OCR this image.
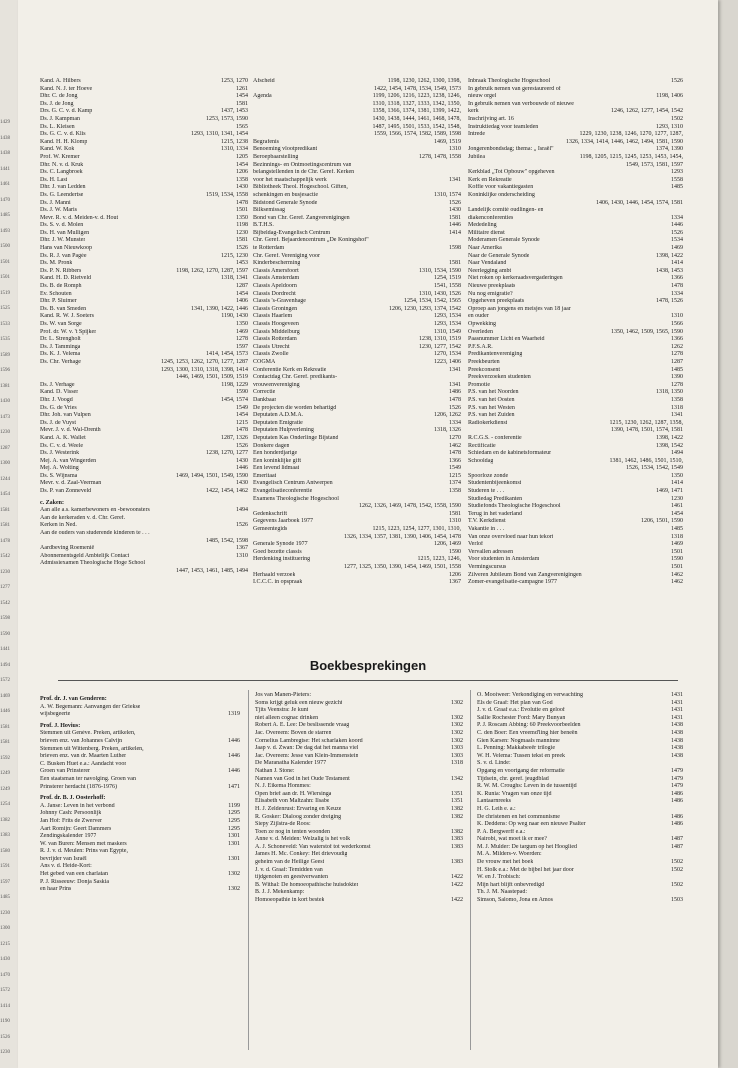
1429
1438
1438
1441
1461
1470
1485
1493
1500
1501
1501
1519
1525
1533
1535
1589
1596
1381
1430
1473
1230
1287
1300
1244
1454
1581
1581
1478
1542
1230
1277
1542
1598
1590
1441
1494
1572
1469
1446
1581
1581
1592
1249
1249
1254
1382
1383
1580
1591
1597
1485
1230
1300
1215
1430
1470
1572
1414
1190
1526
1230
Kand. A. Hilbers	1253, 1270
Kand. N. J. ter Hoeve	1261
Dhr. C. de Jong	1454
Ds. J. de Jong	1581
Drs. G. C. v. d. Kamp	1437, 1453
Ds. J. Kampman	1253, 1573, 1590
Ds. L. Kleisen	1565
Ds. G. C. v. d. Klis	1293, 1310, 1341, 1454
Kand. H. H. Klomp	1215, 1238
Kand. W. Kok	1310, 1334
Prof. W. Kremer	1205
Dhr. N. v. d. Kruk	1454
Ds. C. Langbroek	1206
Ds. H. Last	1358
Dhr. J. van Ledden	1430
Ds. G. Leendertse	1519, 1534, 1558
Ds. J. Manni	1478
Ds. J. W. Maris	1501
Mevr. R. v. d. Meiden-v. d. Hout	1350
Ds. S. v. d. Molen	1198
Ds. H. van Mulligen	1230
Dhr. J. W. Munster	1581
Hans van Nieuwkoop	1526
Ds. R. J. van Pagée	1215, 1230
Ds. M. Pronk	1453
Ds. P. N. Ribbers	1198, 1262, 1270, 1287, 1597
Kand. H. D. Rietveld	1318, 1341
Ds. B. de Romph	1287
Ev. Schouten	1454
Dhr. P. Sluimer	1406
Ds. B. van Smeden	1341, 1390, 1422, 1446
Kand. R. W. J. Soeters	1190, 1430
Ds. W. van Sorge	1350
Prof. dr. W. v. 't Spijker	1469
Dr. L. Strengholt	1278
Ds. J. Tamminga	1597
Ds. K. J. Velema	1414, 1454, 1573
Ds. Chr. Verhage	1245, 1253, 1262, 1270, 1277, 1287
1293, 1300, 1310, 1318, 1398, 1414
1446, 1469, 1501, 1509, 1519
Ds. J. Verhage	1198, 1229
Kand. D. Visser	1590
Dhr. J. Voogd	1454, 1574
Ds. G. de Vries	1549
Dhr. Joh. van Vulpen	1454
Ds. J. de Vuyst	1215
Mevr. J. v. d. Wal-Drenth	1478
Kand. A. K. Wallet	1287, 1326
Ds. C. v. d. Weele	1526
Ds. J. Westerink	1238, 1270, 1277
Mej. A. van Wingerden	1430
Mej. A. Wolting	1446
Ds. S. Wijnsma	1469, 1494, 1501, 1549, 1590
Mevr. v. d. Zaal-Veerman	1430
Ds. P. van Zonneveld	1422, 1454, 1462
c. Zaken:
Aan alle a.s. kamerbewoners en -bewoonsters	1494
Aan de kerkeraden v. d. Chr. Geref.
Kerken in Ned.	1526
Aan de ouders van studerende kinderen te . . .
1485, 1542, 1598
Aardbeving Roemenië	1367
Abonnementsgeld Ambtelijk Contact	1310
Admissiexamen Theologische Hoge School
1447, 1453, 1461, 1485, 1494
Afscheid	1198, 1230, 1262, 1300, 1398,
1422, 1454, 1478, 1534, 1549, 1573
Agenda	1199, 1206, 1216, 1223, 1238, 1246,
1310, 1318, 1327, 1333, 1342, 1350,
1358, 1366, 1374, 1381, 1399, 1422,
1430, 1438, 1444, 1461, 1468, 1478,
1487, 1495, 1501, 1533, 1542, 1548,
1559, 1566, 1574, 1582, 1589, 1598
Begrafenis	1469, 1519
Benoeming vlootpredikant	1310
Beroepbaarstelling	1278, 1478, 1558
Bezinnings- en Ontmoetingscentrum van
belangstellenden in de Chr. Geref. Kerken
voor het maatschappelijk werk	1341
Bibliotheek Theol. Hogeschool. Giften,
schenkingen en busjesactie	1310, 1574
Bidstond Generale Synode	1526
Bilksemissag	1430
Bond van Chr. Geref. Zangverenigingen	1581
B.T.H.S.	1446
Bijbeldag-Evangelisch Centrum	1414
Chr. Geref. Bejaardencentrum „De Koningshof"
te Rotterdam	1598
Chr. Geref. Vereniging voor
Kinderbescherming	1581
Classis Amersfoort	1310, 1534, 1590
Classis Amsterdam	1254, 1519
Classis Apeldoorn	1541, 1558
Classis Dordrecht	1310, 1430, 1526
Classis 's-Gravenhage	1254, 1534, 1542, 1565
Classis Groningen	1206, 1230, 1293, 1374, 1542
Classis Haarlem	1293, 1534
Classis Hoogeveen	1293, 1534
Classis Middelburg	1310, 1549
Classis Rotterdam	1238, 1310, 1519
Classis Utrecht	1230, 1277, 1542
Classis Zwolle	1270, 1534
COGMA	1223, 1406
Conferentie Kerk en Rekreatie	1341
Contactdag Chr. Geref. predikants-
vrouwenvereniging	1341
Correctie	1486
Dankbaar	1478
De projecten die worden behartigd	1526
Deputaten A.D.M.A.	1206, 1262
Deputaten Emigratie	1334
Deputaten Hulpverlening	1318, 1326
Deputaten Kas Onderlinge Bijstand	1270
Donkere dagen	1462
Een honderdjarige	1478
Een koninklijke gift	1366
Een levend lidmaat	1549
Emeritaat	1215
Evangelisch Centrum Antwerpen	1374
Evangelisatieconferentie	1358
Examens Theologische Hogeschool
1262, 1326, 1469, 1478, 1542, 1558, 1590
Gedenkschrift	1581
Gegevens Jaarboek 1977	1310
Gemeentegids	1215, 1223, 1254, 1277, 1301, 1310,
1326, 1334, 1357, 1381, 1390, 1406, 1454, 1478
Generale Synode 1977	1206, 1469
Goed bezette classis	1590
Herdenking instituering	1215, 1223, 1246,
1277, 1325, 1350, 1390, 1454, 1469, 1501, 1558
Herhaald verzoek	1206
I.C.C.C. in opspraak	1367
Inbraak Theologische Hogeschool	1526
In gebruik nemen van gerestaureerd of
nieuw orgel	1198, 1406
In gebruik nemen van verbouwde of nieuwe
kerk	1246, 1262, 1277, 1454, 1542
Inschrijving art. 16	1502
Instruktiedag voor teamleden	1293, 1310
Intrede	1229, 1230, 1238, 1246, 1270, 1277, 1287,
1326, 1334, 1414, 1446, 1462, 1494, 1581, 1590
Jongerenbondsdag; thema: „ Israël"	1374, 1390
Jubilea	1198, 1205, 1215, 1245, 1253, 1453, 1454,
1549, 1573, 1581, 1597
Kerkblad „Tot Opbouw" opgeheven	1293
Kerk en Rekreatie	1558
Koffie voor vakantiegasten	1485
Koninklijke onderscheiding
1406, 1430, 1446, 1454, 1574, 1581
Landelijk comité oudlingen- en
diakenconferenties	1334
Mededeling	1446
Militaire dienst	1526
Moderamen Generale Synode	1534
Naar Amerika	1469
Naar de Generale Synode	1398, 1422
Naar Vendaland	1414
Neerlegging ambt	1438, 1453
Niet roken op kerkeraadsvergaderingen	1366
Nieuwe preekplaats	1478
Nu nog emigratie?	1334
Opgeheven preekplaats	1478, 1526
Oproep aan jongens en meisjes van 18 jaar
en ouder	1310
Opwekking	1566
Overleden	1350, 1462, 1509, 1565, 1590
Paasnummer Licht en Waarheid	1366
P.F.S.A.R.	1262
Predikantenvereniging	1278
Preekbeurten	1287
Preekconsent	1485
Preekverzoeken studenten	1390
Promotie	1278
P.S. van het Noorden	1318, 1350
P.S. van het Oosten	1358
P.S. van het Westen	1318
P.S. van het Zuiden	1341
Radiokerkdienst	1215, 1230, 1262, 1287, 1358,
1390, 1478, 1501, 1574, 1581
R.C.G.S. - conferentie	1398, 1422
Rectificatie	1398, 1542
Schiedam en de kabinetsformateur	1494
Schooldag	1381, 1462, 1486, 1501, 1510,
1526, 1534, 1542, 1549
Spoorloze zonde	1350
Studentenbijeenkomst	1414
Studeren te . . .	1469, 1471
Studiedag Predikanten	1230
Studiefonds Theologische Hogeschool	1461
Terug in het vaderland	1454
T.V. Kerkdienst	1206, 1501, 1590
Vakantie in . . .	1485
Van onze overvloed naar hun tekort	1318
Verlof	1469
Vervallen adressen	1501
Voor studenten in Amsterdam	1590
Vermingscursus	1501
Zilveren Jubileum Bond van Zangverenigingen	1462
Zomer-evangelisatie-campagne 1977	1462
Boekbesprekingen
Prof. dr. J. van Genderen:
A. W. Begemann: Aanvangen der Griekse
wijsbegeerte	1319
Prof. J. Hovius:
Stemmen uit Genève. Preken, artikelen,
brieven enz. van Johannes Calvijn	1446
Stemmen uit Wittenberg. Preken, artikelen,
brieven enz. van dr. Maarten Luther	1446
C. Busken Huet e.a.: Aandacht voor
Groen van Prinsterer	1446
Een staatsman ter navolging. Groen van
Prinsterer herdacht (1876-1976)	1471
Prof. dr. B. J. Oosterhoff:
A. Janse: Leven in het verbond	1199
Johnny Cash: Persoonlijk	1295
Jan Hof: Frits de Zwerver	1295
Aart Romijn: Geert Dammers	1295
Zendingskalender 1977	1301
W. van Buren: Mensen met maskers	1301
R. J. v. d. Meulen: Prins van Egypte,
bevrijder van Israël	1301
Ans v. d. Heide-Kort:
Het gebed van een charlatan	1302
P. J. Risseeuw: Donja Saskia
en haar Prins	1302
Jos van Manen-Pieters:
Soms krijgt geluk een nieuw gezicht	1302
Tjits Veenstra: Je kunt
niet alleen cognac drinken	1302
Robert A. E. Lee: De beslissende vraag	1302
Jac. Overeem: Boven de starren	1302
Cornelius Lambregtse: Het scharlaken koord	1302
Jaap v. d. Zwan: De dag dat het manna viel	1303
Jac. Overeem: Jesse van Klein-Immenstein	1303
De Maranatha Kalender 1977	1318
Nathan J. Stone:
Namen van God in het Oude Testament	1342
N. J. Eikema Hommes:
Open brief aan dr. H. Wiersinga	1351
Elisabeth von Maltzahn: Ilsabe	1351
H. J. Zeldenrust: Ervaring en Keuze	1382
R. Gosker: Dialoog zonder dreiging	1382
Siepy Zijlstra-de Roos:
Toen ze nog in tenten woonden	1382
Anne v. d. Meiden: Welzalig is het volk	1383
A. J. Schoneveld: Van waterstof tot wederkomst	1383
James H. Mc. Conkey: Het drievoudig
geheim van de Heilige Geest	1383
J. v. d. Graaf: Temidden van
tijdgenoten en geestverwanten	1422
B. Withal: De homoeopathische huisdokter	1422
B. J. J. Mekenkamp:
Homoeopathie in kort bestek	1422
O. Mooiweer: Verkondiging en verwachting	1431
Els de Graaf: Het plan van God	1431
J. v. d. Graaf e.a.: Evolutie en geloof	1431
Sallie Rochester Ford: Mary Bunyan	1431
P. J. Roscam Abbing: 60 Preekvoorbeelden	1438
C. den Boer: Een vreemd'ling hier beneën	1438
Gien Karsen: Nogmaals manninne	1438
L. Penning: Makkabeeër trilogie	1438
W. H. Velema: Tussen tekst en preek	1438
S. v. d. Linde:
Opgang en voortgang der reformatie	1479
Tijdsein, chr. geref. jeugdblad	1479
R. W. M. Croughs: Leven in de tussentijd	1479
K. Runia: Vragen van onze tijd	1486
Lantaarnreeks	1486
H. G. Leih e. a.:
De christenen en het communisme	1486
K. Deddens: Op weg naar een nieuwe Psalter	1486
P. A. Bergwerff e.a.:
Nairobi, wat moet ik er mee?	1487
M. J. Mulder: De targum op het Hooglied	1487
M. A. Milders-v. Woerden:
De vrouw met het boek	1502
H. Stolk e.a.: Met de bijbel het jaar door	1502
W. en J. Trobisch:
Mijn hart blijft onbevredigd	1502
Th. J. M. Naastepad:
Simson, Salomo, Jona en Amos	1503
